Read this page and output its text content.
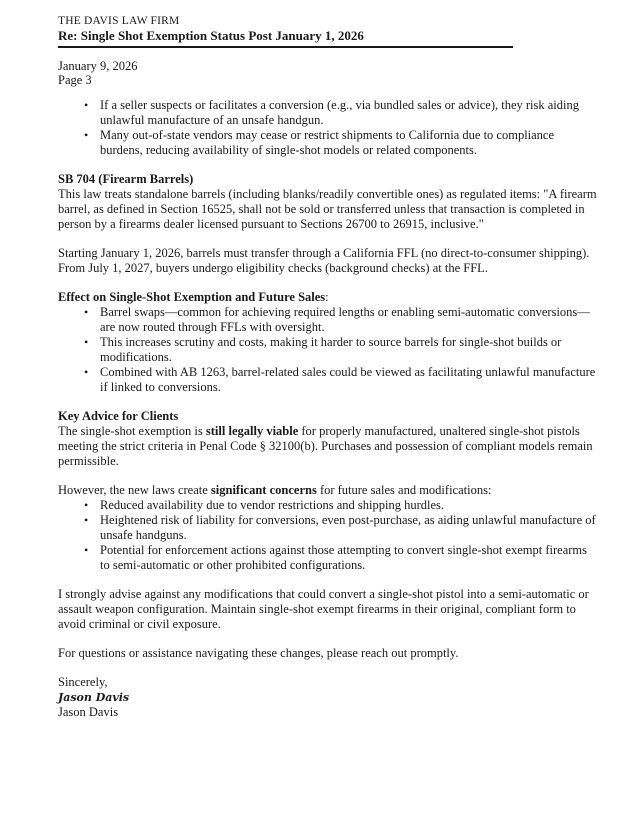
THE DAVIS LAW FIRM
Re: Single Shot Exemption Status Post January 1, 2026
January 9, 2026
Page 3
• If a seller suspects or facilitates a conversion (e.g., via bundled sales or advice), they risk aiding unlawful manufacture of an unsafe handgun.
• Many out-of-state vendors may cease or restrict shipments to California due to compliance burdens, reducing availability of single-shot models or related components.

SB 704 (Firearm Barrels)

This law treats standalone barrels (including blanks/readily convertible ones) as regulated items: "A firearm barrel, as defined in Section 16525, shall not be sold or transferred unless that transaction is completed in person by a firearms dealer licensed pursuant to Sections 26700 to 26915, inclusive."

Starting January 1, 2026, barrels must transfer through a California FFL (no direct-to-consumer shipping). From July 1, 2027, buyers undergo eligibility checks (background checks) at the FFL.

Effect on Single-Shot Exemption and Future Sales:

• Barrel swaps—common for achieving required lengths or enabling semi-automatic conversions—are now routed through FFLs with oversight.
• This increases scrutiny and costs, making it harder to source barrels for single-shot builds or modifications.
• Combined with AB 1263, barrel-related sales could be viewed as facilitating unlawful manufacture if linked to conversions.

Key Advice for Clients

The single-shot exemption is still legally viable for properly manufactured, unaltered single-shot pistols meeting the strict criteria in Penal Code § 32100(b). Purchases and possession of compliant models remain permissible.

However, the new laws create significant concerns for future sales and modifications:

• Reduced availability due to vendor restrictions and shipping hurdles.
• Heightened risk of liability for conversions, even post-purchase, as aiding unlawful manufacture of unsafe handguns.
• Potential for enforcement actions against those attempting to convert single-shot exempt firearms to semi-automatic or other prohibited configurations.

I strongly advise against any modifications that could convert a single-shot pistol into a semi-automatic or assault weapon configuration. Maintain single-shot exempt firearms in their original, compliant form to avoid criminal or civil exposure.

For questions or assistance navigating these changes, please reach out promptly.

Sincerely,

Jason Davis

Jason Davis
